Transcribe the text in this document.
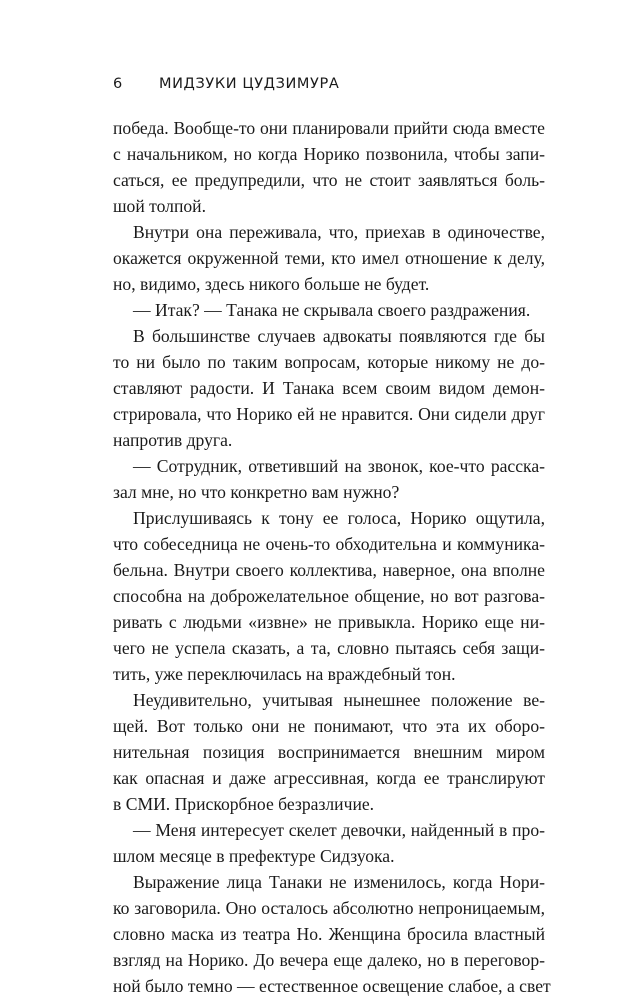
6 МИДЗУКИ ЦУДЗИМУРА
победа. Вообще-то они планировали прийти сюда вместе
с начальником, но когда Норико позвонила, чтобы запи-
саться, ее предупредили, что не стоит заявляться боль-
шой толпой.
Внутри она переживала, что, приехав в одиночестве,
окажется окруженной теми, кто имел отношение к делу,
но, видимо, здесь никого больше не будет.
— Итак? — Танака не скрывала своего раздражения.
В большинстве случаев адвокаты появляются где бы
то ни было по таким вопросам, которые никому не до-
ставляют радости. И Танака всем своим видом демон-
стрировала, что Норико ей не нравится. Они сидели друг
напротив друга.
— Сотрудник, ответивший на звонок, кое-что расска-
зал мне, но что конкретно вам нужно?
Прислушиваясь к тону ее голоса, Норико ощутила,
что собеседница не очень-то обходительна и коммуника-
бельна. Внутри своего коллектива, наверное, она вполне
способна на доброжелательное общение, но вот разгова-
ривать с людьми «извне» не привыкла. Норико еще ни-
чего не успела сказать, а та, словно пытаясь себя защи-
тить, уже переключилась на враждебный тон.
Неудивительно, учитывая нынешнее положение ве-
щей. Вот только они не понимают, что эта их оборо-
нительная позиция воспринимается внешним миром
как опасная и даже агрессивная, когда ее транслируют
в СМИ. Прискорбное безразличие.
— Меня интересует скелет девочки, найденный в про-
шлом месяце в префектуре Сидзуока.
Выражение лица Танаки не изменилось, когда Нори-
ко заговорила. Оно осталось абсолютно непроницаемым,
словно маска из театра Но. Женщина бросила властный
взгляд на Норико. До вечера еще далеко, но в переговор-
ной было темно — естественное освещение слабое, а свет
